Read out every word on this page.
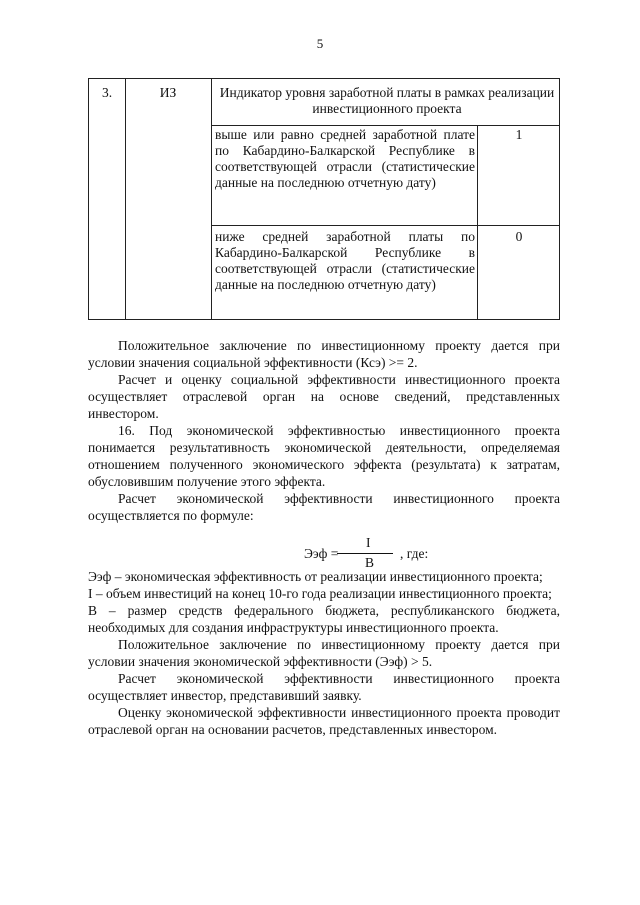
5
3.	ИЗ	Индикатор уровня заработной платы в рамках реализации инвестиционного проекта
выше или равно средней заработной плате по Кабардино-Балкарской Республике в соответствующей отрасли (статистические данные на последнюю отчетную дату)
1
ниже средней заработной платы по Кабардино-Балкарской Республике в соответствующей отрасли (статистические данные на последнюю отчетную дату)
0

Положительное заключение по инвестиционному проекту дается при условии значения социальной эффективности (Ксэ) >= 2.

Расчет и оценку социальной эффективности инвестиционного проекта осуществляет отраслевой орган на основе сведений, представленных инвестором.

16. Под экономической эффективностью инвестиционного проекта понимается результативность экономической деятельности, определяемая отношением полученного экономического эффекта (результата) к затратам, обусловившим получение этого эффекта.

Расчет экономической эффективности инвестиционного проекта осуществляется по формуле:

Ээф =
I
B
, где:

Ээф – экономическая эффективность от реализации инвестиционного проекта;

I – объем инвестиций на конец 10-го года реализации инвестиционного проекта;

В – размер средств федерального бюджета, республиканского бюджета, необходимых для создания инфраструктуры инвестиционного проекта.

Положительное заключение по инвестиционному проекту дается при условии значения экономической эффективности (Ээф) > 5.

Расчет экономической эффективности инвестиционного проекта осуществляет инвестор, представивший заявку.

Оценку экономической эффективности инвестиционного проекта проводит отраслевой орган на основании расчетов, представленных инвестором.
